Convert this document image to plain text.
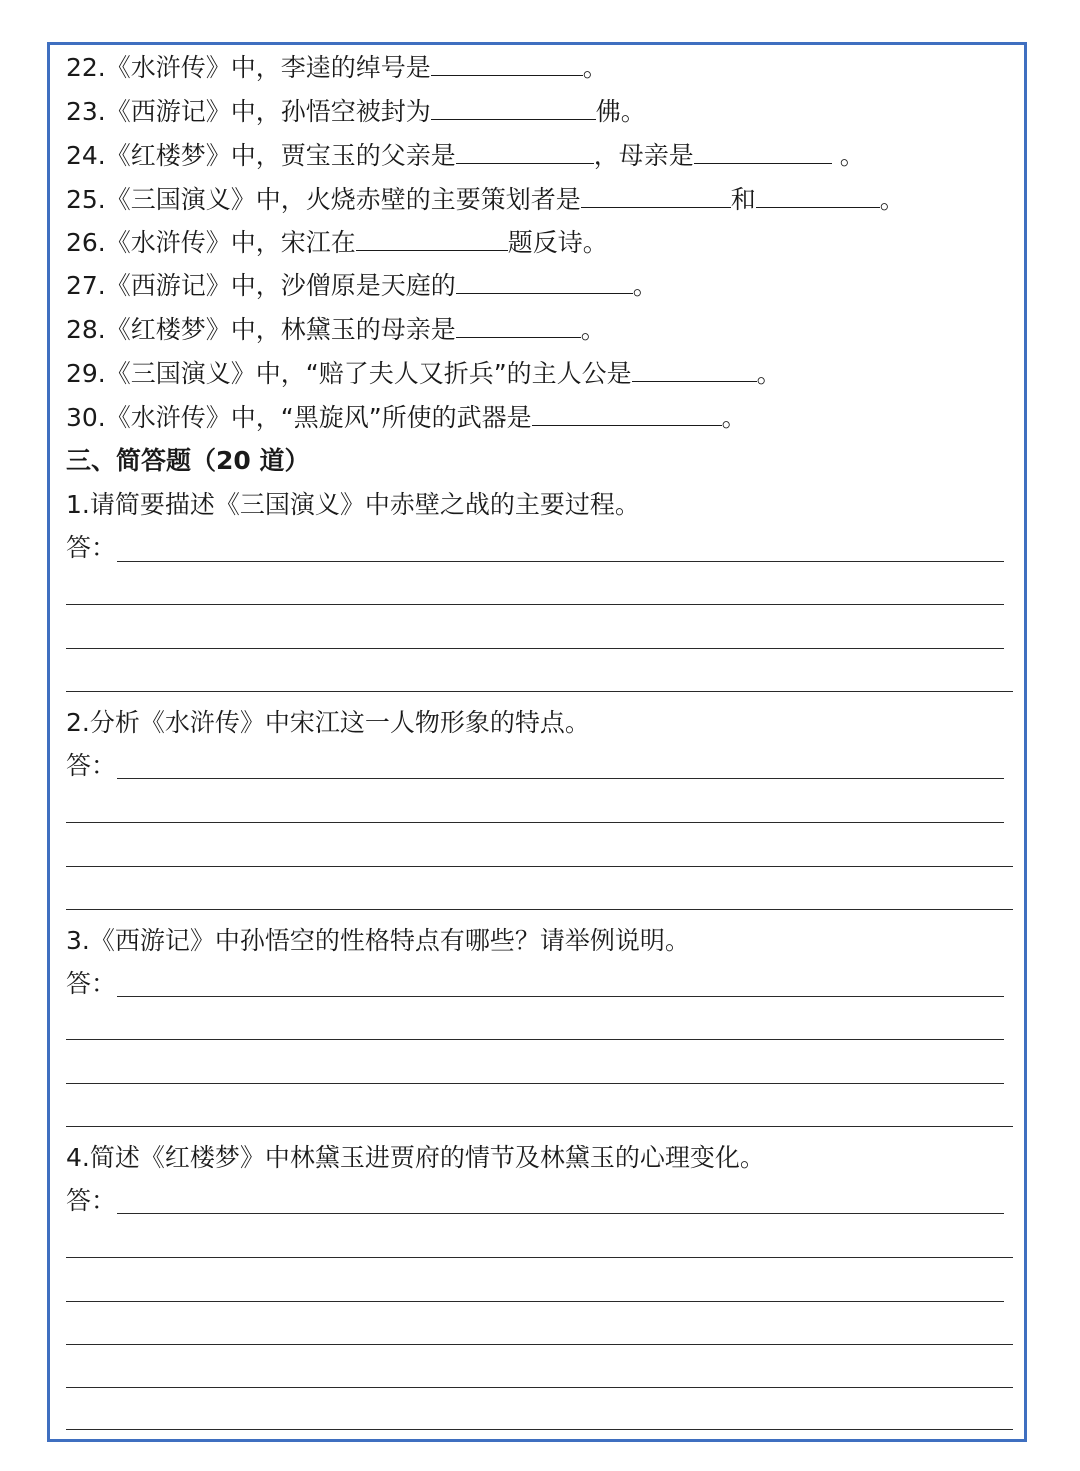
22.《水浒传》中，李逵的绰号是	。
23.《西游记》中，孙悟空被封为	佛。
24.《红楼梦》中，贾宝玉的父亲是	，母亲是	。
25.《三国演义》中，火烧赤壁的主要策划者是	和	。
26.《水浒传》中，宋江在	题反诗。
27.《西游记》中，沙僧原是天庭的	。
28.《红楼梦》中，林黛玉的母亲是	。
29.《三国演义》中，“赔了夫人又折兵”的主人公是	。
30.《水浒传》中，“黑旋风”所使的武器是	。
三、简答题（20 道）
1.请简要描述《三国演义》中赤壁之战的主要过程。
答：
2.分析《水浒传》中宋江这一人物形象的特点。
答：
3.《西游记》中孙悟空的性格特点有哪些？请举例说明。
答：
4.简述《红楼梦》中林黛玉进贾府的情节及林黛玉的心理变化。
答：
